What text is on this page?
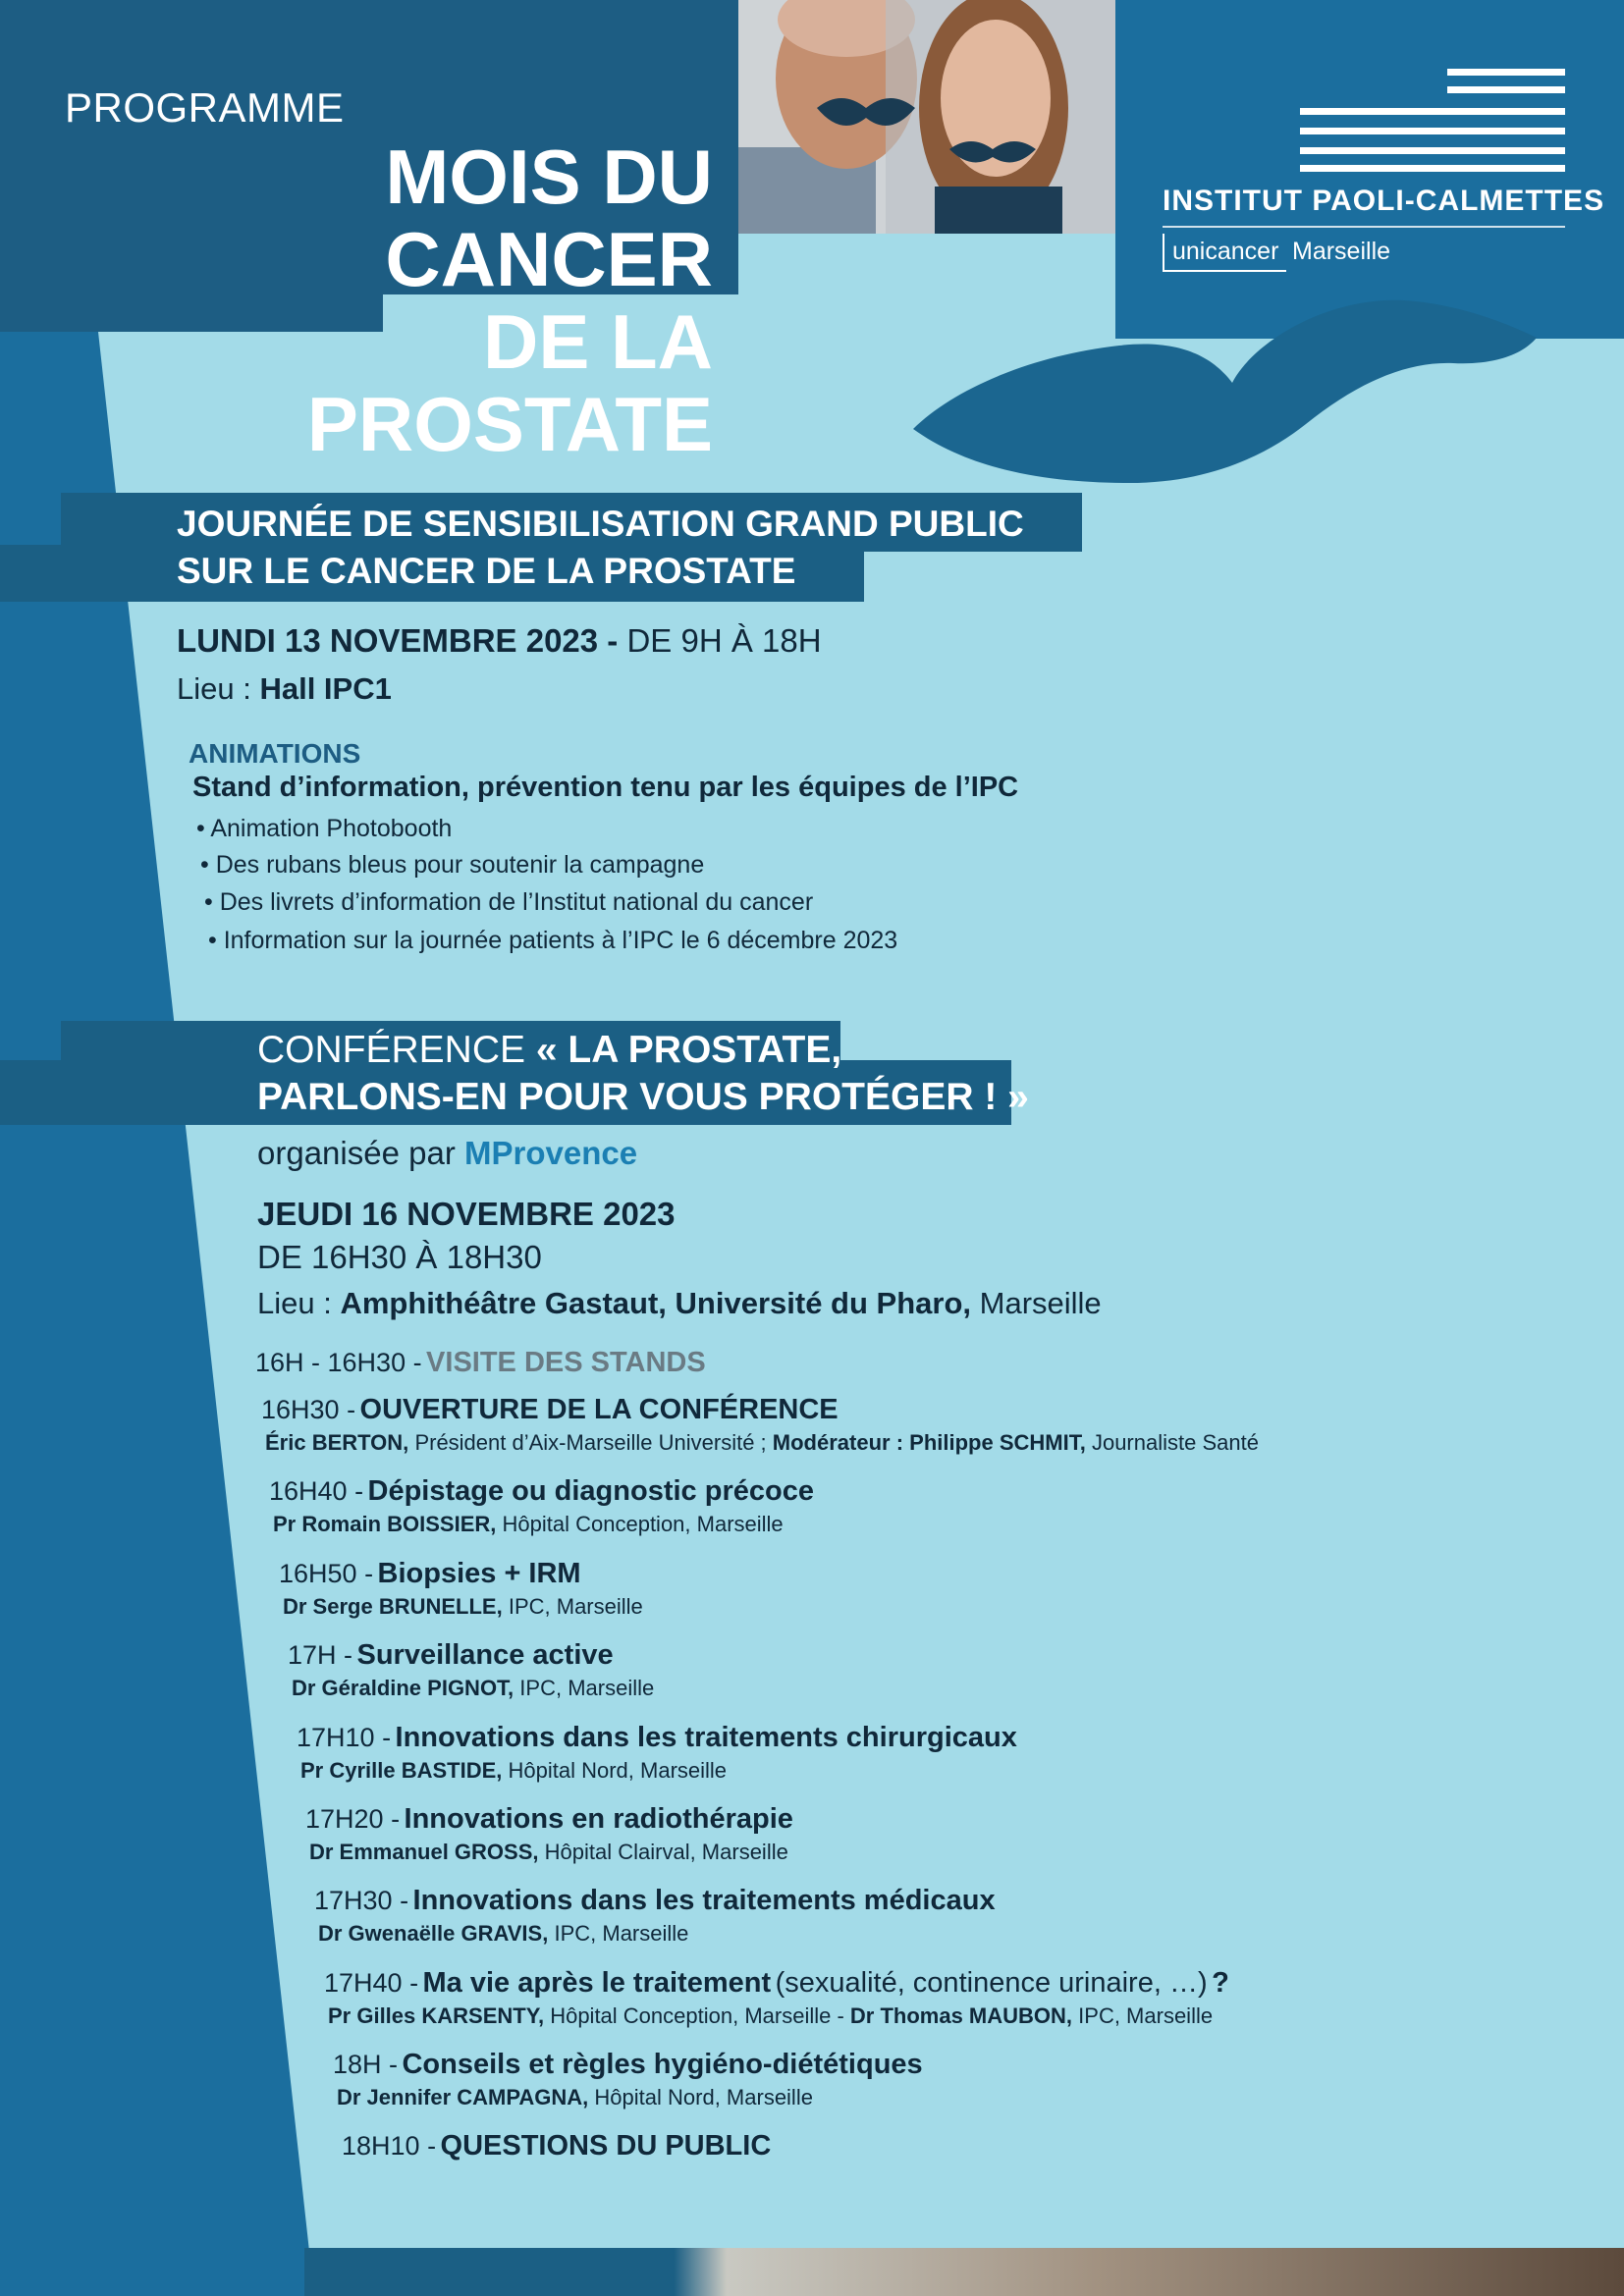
PROGRAMME
MOIS DU CANCER
DE LA PROSTATE
INSTITUT PAOLI-CALMETTES
unicancer Marseille
JOURNÉE DE SENSIBILISATION GRAND PUBLIC
SUR LE CANCER DE LA PROSTATE
LUNDI 13 NOVEMBRE 2023 - DE 9H À 18H
Lieu : Hall IPC1
ANIMATIONS
Stand d’information, prévention tenu par les équipes de l’IPC
• Animation Photobooth
• Des rubans bleus pour soutenir la campagne
• Des livrets d’information de l’Institut national du cancer
• Information sur la journée patients à l’IPC le 6 décembre 2023
CONFÉRENCE « LA PROSTATE,
PARLONS-EN POUR VOUS PROTÉGER ! »
organisée par MProvence
JEUDI 16 NOVEMBRE 2023
DE 16H30 À 18H30
Lieu : Amphithéâtre Gastaut, Université du Pharo, Marseille
16H - 16H30 - VISITE DES STANDS
16H30 - OUVERTURE DE LA CONFÉRENCE
Éric BERTON, Président d’Aix-Marseille Université ; Modérateur : Philippe SCHMIT, Journaliste Santé
16H40 - Dépistage ou diagnostic précoce
Pr Romain BOISSIER, Hôpital Conception, Marseille
16H50 - Biopsies + IRM
Dr Serge BRUNELLE, IPC, Marseille
17H - Surveillance active
Dr Géraldine PIGNOT, IPC, Marseille
17H10 - Innovations dans les traitements chirurgicaux
Pr Cyrille BASTIDE, Hôpital Nord, Marseille
17H20 - Innovations en radiothérapie
Dr Emmanuel GROSS, Hôpital Clairval, Marseille
17H30 - Innovations dans les traitements médicaux
Dr Gwenaëlle GRAVIS, IPC, Marseille
17H40 - Ma vie après le traitement (sexualité, continence urinaire, …) ?
Pr Gilles KARSENTY, Hôpital Conception, Marseille - Dr Thomas MAUBON, IPC, Marseille
18H - Conseils et règles hygiéno-diététiques
Dr Jennifer CAMPAGNA, Hôpital Nord, Marseille
18H10 - QUESTIONS DU PUBLIC
